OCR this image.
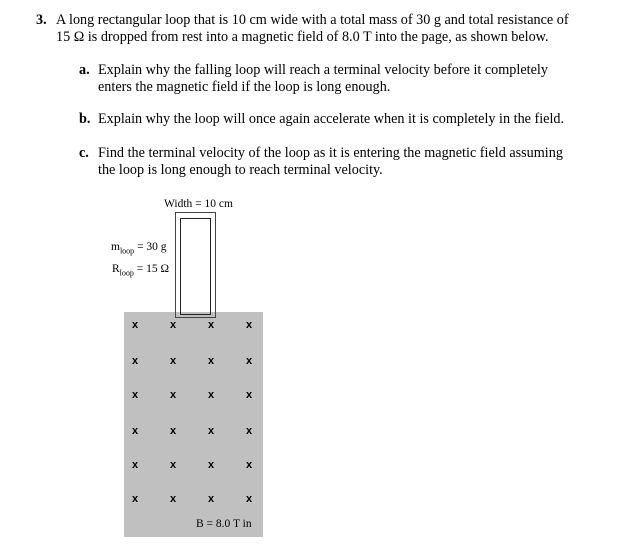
3. A long rectangular loop that is 10 cm wide with a total mass of 30 g and total resistance of
15 Ω is dropped from rest into a magnetic field of 8.0 T into the page, as shown below.
a. Explain why the falling loop will reach a terminal velocity before it completely
enters the magnetic field if the loop is long enough.
b. Explain why the loop will once again accelerate when it is completely in the field.
c. Find the terminal velocity of the loop as it is entering the magnetic field assuming
the loop is long enough to reach terminal velocity.
Width = 10 cm
$m_{loop} = 30$ g
$R_{loop} = 15$ Ω
x	x	x	x
x	x	x	x
x	x	x	x
x	x	x	x
x	x	x	x
x	x	x	x
B = 8.0 T in
